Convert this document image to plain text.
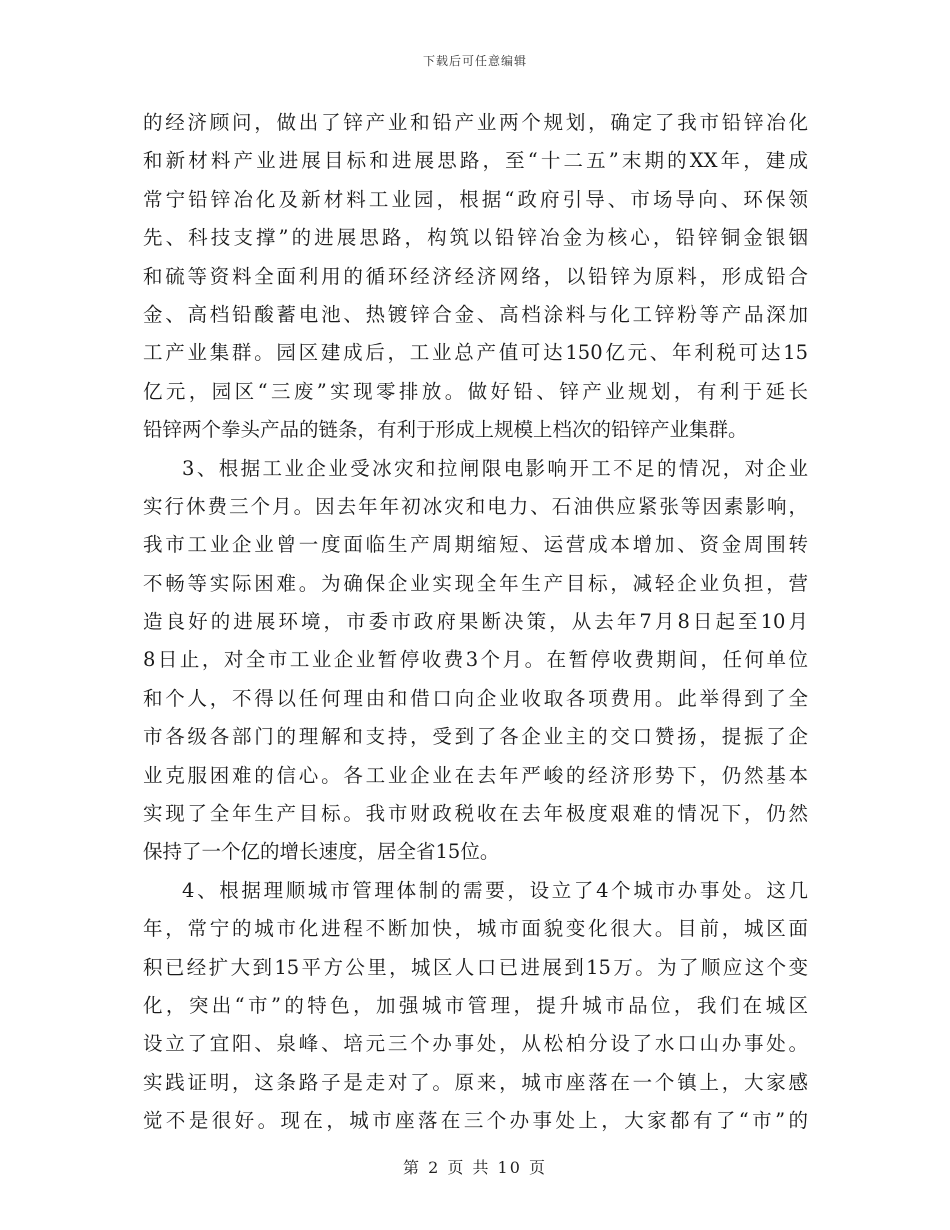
下载后可任意编辑
的经济顾问，做出了锌产业和铅产业两个规划，确定了我市铅锌冶化
和新材料产业进展目标和进展思路，至“十二五”末期的XX年，建成
常宁铅锌冶化及新材料工业园，根据“政府引导、市场导向、环保领
先、科技支撑”的进展思路，构筑以铅锌冶金为核心，铅锌铜金银铟
和硫等资料全面利用的循环经济经济网络，以铅锌为原料，形成铅合
金、高档铅酸蓄电池、热镀锌合金、高档涂料与化工锌粉等产品深加
工产业集群。园区建成后，工业总产值可达150亿元、年利税可达15
亿元，园区“三废”实现零排放。做好铅、锌产业规划，有利于延长
铅锌两个拳头产品的链条，有利于形成上规模上档次的铅锌产业集群。
3、根据工业企业受冰灾和拉闸限电影响开工不足的情况，对企业
实行休费三个月。因去年年初冰灾和电力、石油供应紧张等因素影响，
我市工业企业曾一度面临生产周期缩短、运营成本增加、资金周围转
不畅等实际困难。为确保企业实现全年生产目标，减轻企业负担，营
造良好的进展环境，市委市政府果断决策，从去年7月8日起至10月
8日止，对全市工业企业暂停收费3个月。在暂停收费期间，任何单位
和个人，不得以任何理由和借口向企业收取各项费用。此举得到了全
市各级各部门的理解和支持，受到了各企业主的交口赞扬，提振了企
业克服困难的信心。各工业企业在去年严峻的经济形势下，仍然基本
实现了全年生产目标。我市财政税收在去年极度艰难的情况下，仍然
保持了一个亿的增长速度，居全省15位。
4、根据理顺城市管理体制的需要，设立了4个城市办事处。这几
年，常宁的城市化进程不断加快，城市面貌变化很大。目前，城区面
积已经扩大到15平方公里，城区人口已进展到15万。为了顺应这个变
化，突出“市”的特色，加强城市管理，提升城市品位，我们在城区
设立了宜阳、泉峰、培元三个办事处，从松柏分设了水口山办事处。
实践证明，这条路子是走对了。原来，城市座落在一个镇上，大家感
觉不是很好。现在，城市座落在三个办事处上，大家都有了“市”的
第 2 页 共 10 页
